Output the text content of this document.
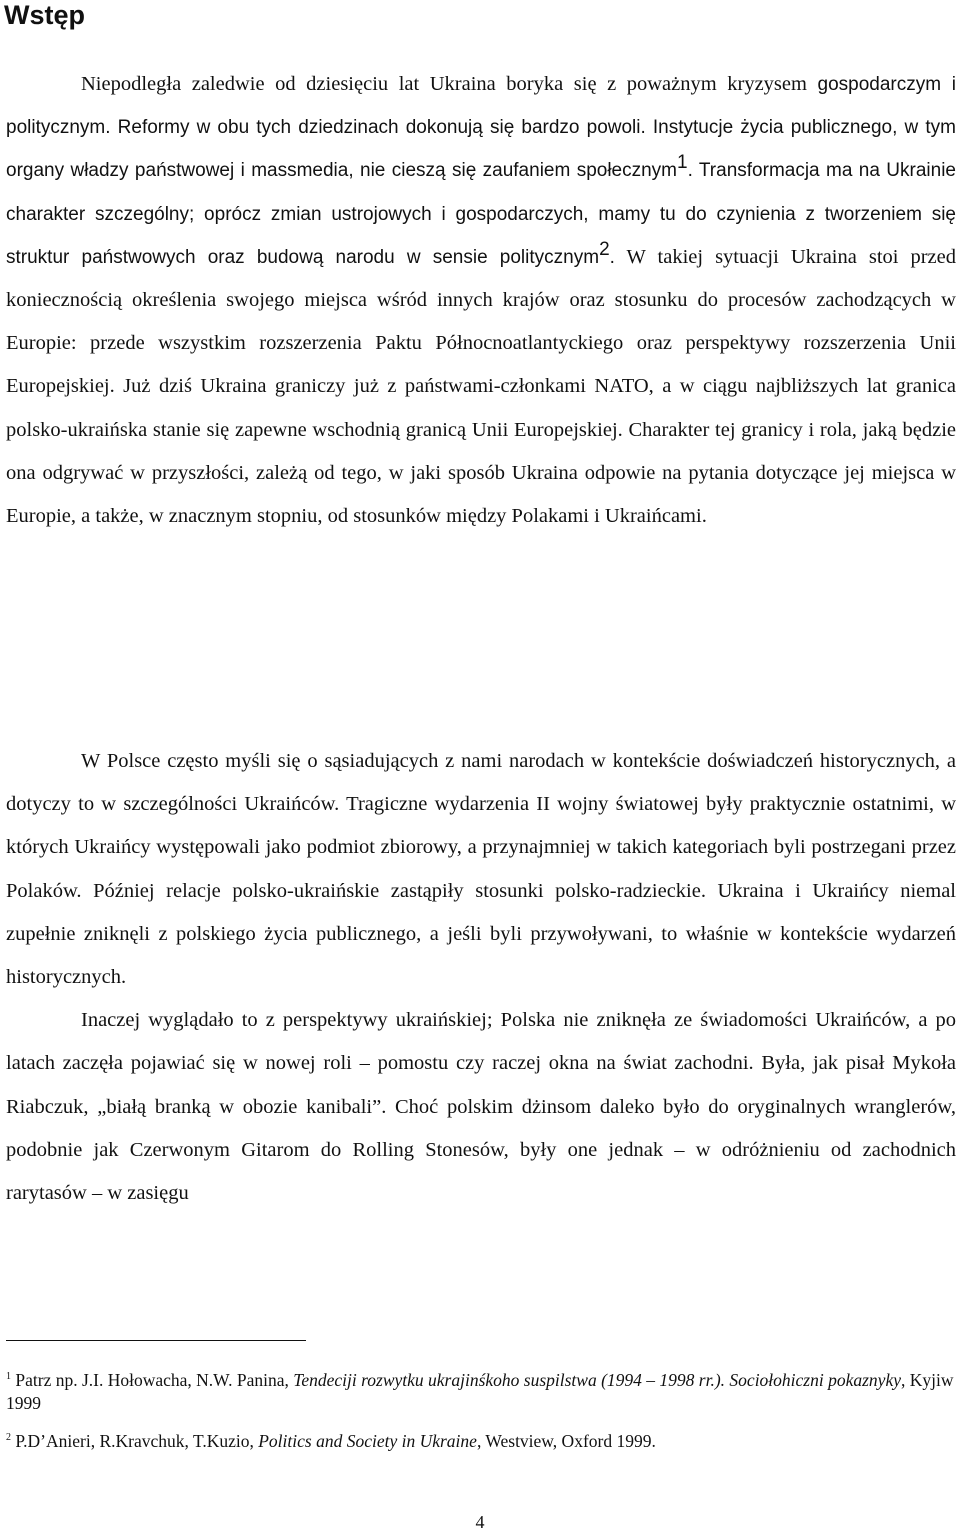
Wstęp

Niepodległa zaledwie od dziesięciu lat Ukraina boryka się z poważnym kryzysem gospodarczym i politycznym. Reformy w obu tych dziedzinach dokonują się bardzo powoli. Instytucje życia publicznego, w tym organy władzy państwowej i massmedia, nie cieszą się zaufaniem społecznym$^1$. Transformacja ma na Ukrainie charakter szczególny; oprócz zmian ustrojowych i gospodarczych, mamy tu do czynienia z tworzeniem się struktur państwowych oraz budową narodu w sensie politycznym$^2$. W takiej sytuacji Ukraina stoi przed koniecznością określenia swojego miejsca wśród innych krajów oraz stosunku do procesów zachodzących w Europie: przede wszystkim rozszerzenia Paktu Północnoatlantyckiego oraz perspektywy rozszerzenia Unii Europejskiej. Już dziś Ukraina graniczy już z państwami-członkami NATO, a w ciągu najbliższych lat granica polsko-ukraińska stanie się zapewne wschodnią granicą Unii Europejskiej. Charakter tej granicy i rola, jaką będzie ona odgrywać w przyszłości, zależą od tego, w jaki sposób Ukraina odpowie na pytania dotyczące jej miejsca w Europie, a także, w znacznym stopniu, od stosunków między Polakami i Ukraińcami.

W Polsce często myśli się o sąsiadujących z nami narodach w kontekście doświadczeń historycznych, a dotyczy to w szczególności Ukraińców. Tragiczne wydarzenia II wojny światowej były praktycznie ostatnimi, w których Ukraińcy występowali jako podmiot zbiorowy, a przynajmniej w takich kategoriach byli postrzegani przez Polaków. Później relacje polsko-ukraińskie zastąpiły stosunki polsko-radzieckie. Ukraina i Ukraińcy niemal zupełnie zniknęli z polskiego życia publicznego, a jeśli byli przywoływani, to właśnie w kontekście wydarzeń historycznych.

Inaczej wyglądało to z perspektywy ukraińskiej; Polska nie zniknęła ze świadomości Ukraińców, a po latach zaczęła pojawiać się w nowej roli – pomostu czy raczej okna na świat zachodni. Była, jak pisał Mykoła Riabczuk, „białą branką w obozie kanibali”. Choć polskim dżinsom daleko było do oryginalnych wranglerów, podobnie jak Czerwonym Gitarom do Rolling Stonesów, były one jednak – w odróżnieniu od zachodnich rarytasów – w zasięgu

$^1$ Patrz np. J.I. Hołowacha, N.W. Panina, Tendeciji rozwytku ukrajinśkoho suspilstwa (1994 – 1998 rr.). Sociołohiczni pokaznyky, Kyjiw 1999

$^2$ P.D’Anieri, R.Kravchuk, T.Kuzio, Politics and Society in Ukraine, Westview, Oxford 1999.

4
